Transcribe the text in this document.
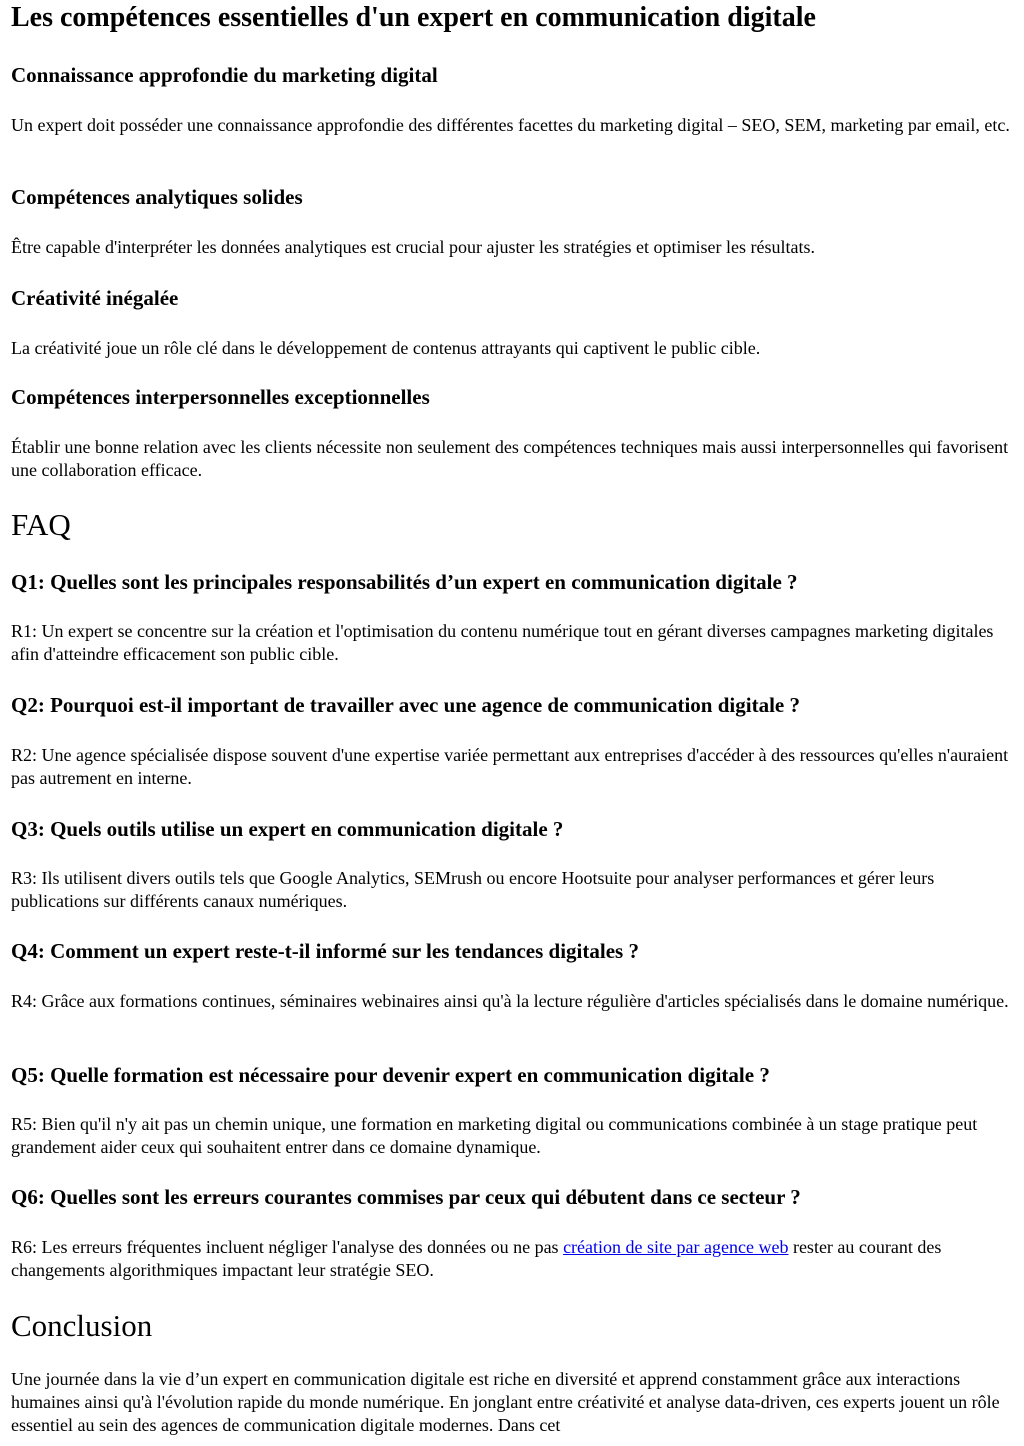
Les compétences essentielles d'un expert en communication digitale
Connaissance approfondie du marketing digital

Un expert doit posséder une connaissance approfondie des différentes facettes du marketing digital – SEO, SEM, marketing par email, etc.

Compétences analytiques solides

Être capable d'interpréter les données analytiques est crucial pour ajuster les stratégies et optimiser les résultats.

Créativité inégalée

La créativité joue un rôle clé dans le développement de contenus attrayants qui captivent le public cible.

Compétences interpersonnelles exceptionnelles

Établir une bonne relation avec les clients nécessite non seulement des compétences techniques mais aussi interpersonnelles qui favorisent une collaboration efficace.

FAQ
Q1: Quelles sont les principales responsabilités d’un expert en communication digitale ?

R1: Un expert se concentre sur la création et l'optimisation du contenu numérique tout en gérant diverses campagnes marketing digitales afin d'atteindre efficacement son public cible.

Q2: Pourquoi est-il important de travailler avec une agence de communication digitale ?

R2: Une agence spécialisée dispose souvent d'une expertise variée permettant aux entreprises d'accéder à des ressources qu'elles n'auraient pas autrement en interne.

Q3: Quels outils utilise un expert en communication digitale ?

R3: Ils utilisent divers outils tels que Google Analytics, SEMrush ou encore Hootsuite pour analyser performances et gérer leurs publications sur différents canaux numériques.

Q4: Comment un expert reste-t-il informé sur les tendances digitales ?

R4: Grâce aux formations continues, séminaires webinaires ainsi qu'à la lecture régulière d'articles spécialisés dans le domaine numérique.

Q5: Quelle formation est nécessaire pour devenir expert en communication digitale ?

R5: Bien qu'il n'y ait pas un chemin unique, une formation en marketing digital ou communications combinée à un stage pratique peut grandement aider ceux qui souhaitent entrer dans ce domaine dynamique.

Q6: Quelles sont les erreurs courantes commises par ceux qui débutent dans ce secteur ?

R6: Les erreurs fréquentes incluent négliger l'analyse des données ou ne pas création de site par agence web rester au courant des changements algorithmiques impactant leur stratégie SEO.

Conclusion

Une journée dans la vie d’un expert en communication digitale est riche en diversité et apprend constamment grâce aux interactions humaines ainsi qu'à l'évolution rapide du monde numérique. En jonglant entre créativité et analyse data-driven, ces experts jouent un rôle essentiel au sein des agences de communication digitale modernes. Dans cet
